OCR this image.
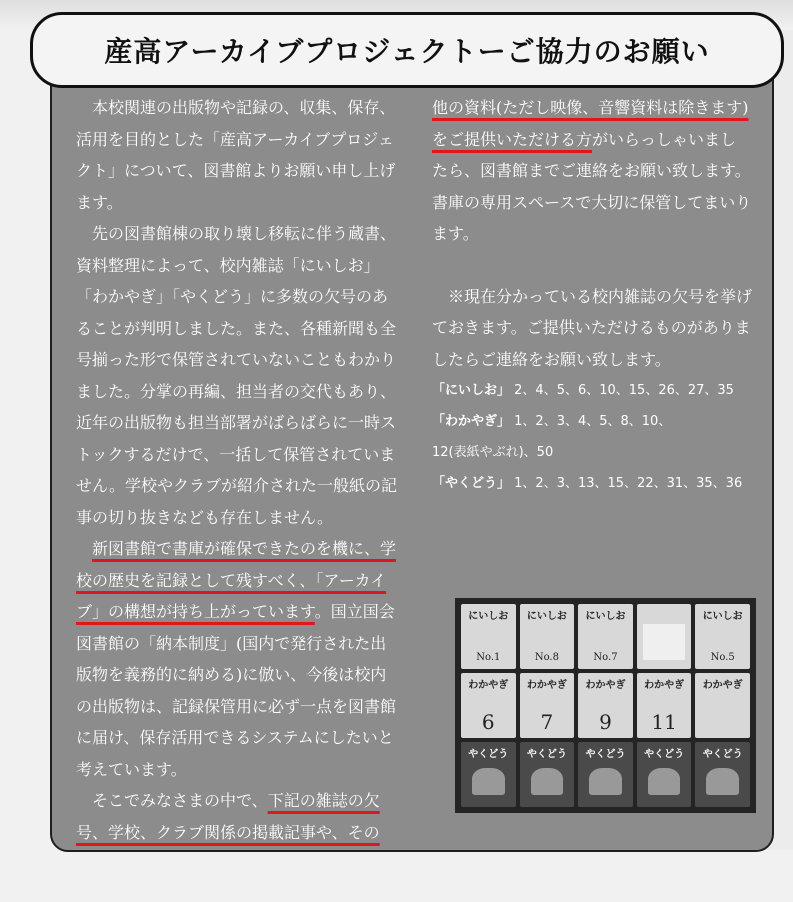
産高アーカイブプロジェクトーご協力のお願い

本校関連の出版物や記録の、収集、保存、活用を目的とした「産高アーカイブプロジェクト」について、図書館よりお願い申し上げます。

先の図書館棟の取り壊し移転に伴う蔵書、資料整理によって、校内雑誌「にいしお」「わかやぎ」「やくどう」に多数の欠号のあることが判明しました。また、各種新聞も全号揃った形で保管されていないこともわかりました。分掌の再編、担当者の交代もあり、近年の出版物も担当部署がばらばらに一時ストックするだけで、一括して保管されていません。学校やクラブが紹介された一般紙の記事の切り抜きなども存在しません。

新図書館で書庫が確保できたのを機に、学校の歴史を記録として残すべく、「アーカイブ」の構想が持ち上がっています。国立国会図書館の「納本制度」(国内で発行された出版物を義務的に納める)に倣い、今後は校内の出版物は、記録保管用に必ず一点を図書館に届け、保存活用できるシステムにしたいと考えています。

そこでみなさまの中で、下記の雑誌の欠号、学校、クラブ関係の掲載記事や、その

他の資料(ただし映像、音響資料は除きます)をご提供いただける方がいらっしゃいましたら、図書館までご連絡をお願い致します。書庫の専用スペースで大切に保管してまいります。

※現在分かっている校内雑誌の欠号を挙げておきます。ご提供いただけるものがありましたらご連絡をお願い致します。

「にいしお」 2、4、5、6、10、15、26、27、35
「わかやぎ」 1、2、3、4、5、8、10、
12(表紙やぶれ)、50
「やくどう」 1、2、3、13、15、22、31、35、36
にいしお
No.1
にいしお
No.8
にいしお
No.7
にいしお
No.5
わかやぎ
6
わかやぎ
7
わかやぎ
9
わかやぎ
11
わかやぎ
やくどう	やくどう	やくどう	やくどう	やくどう
